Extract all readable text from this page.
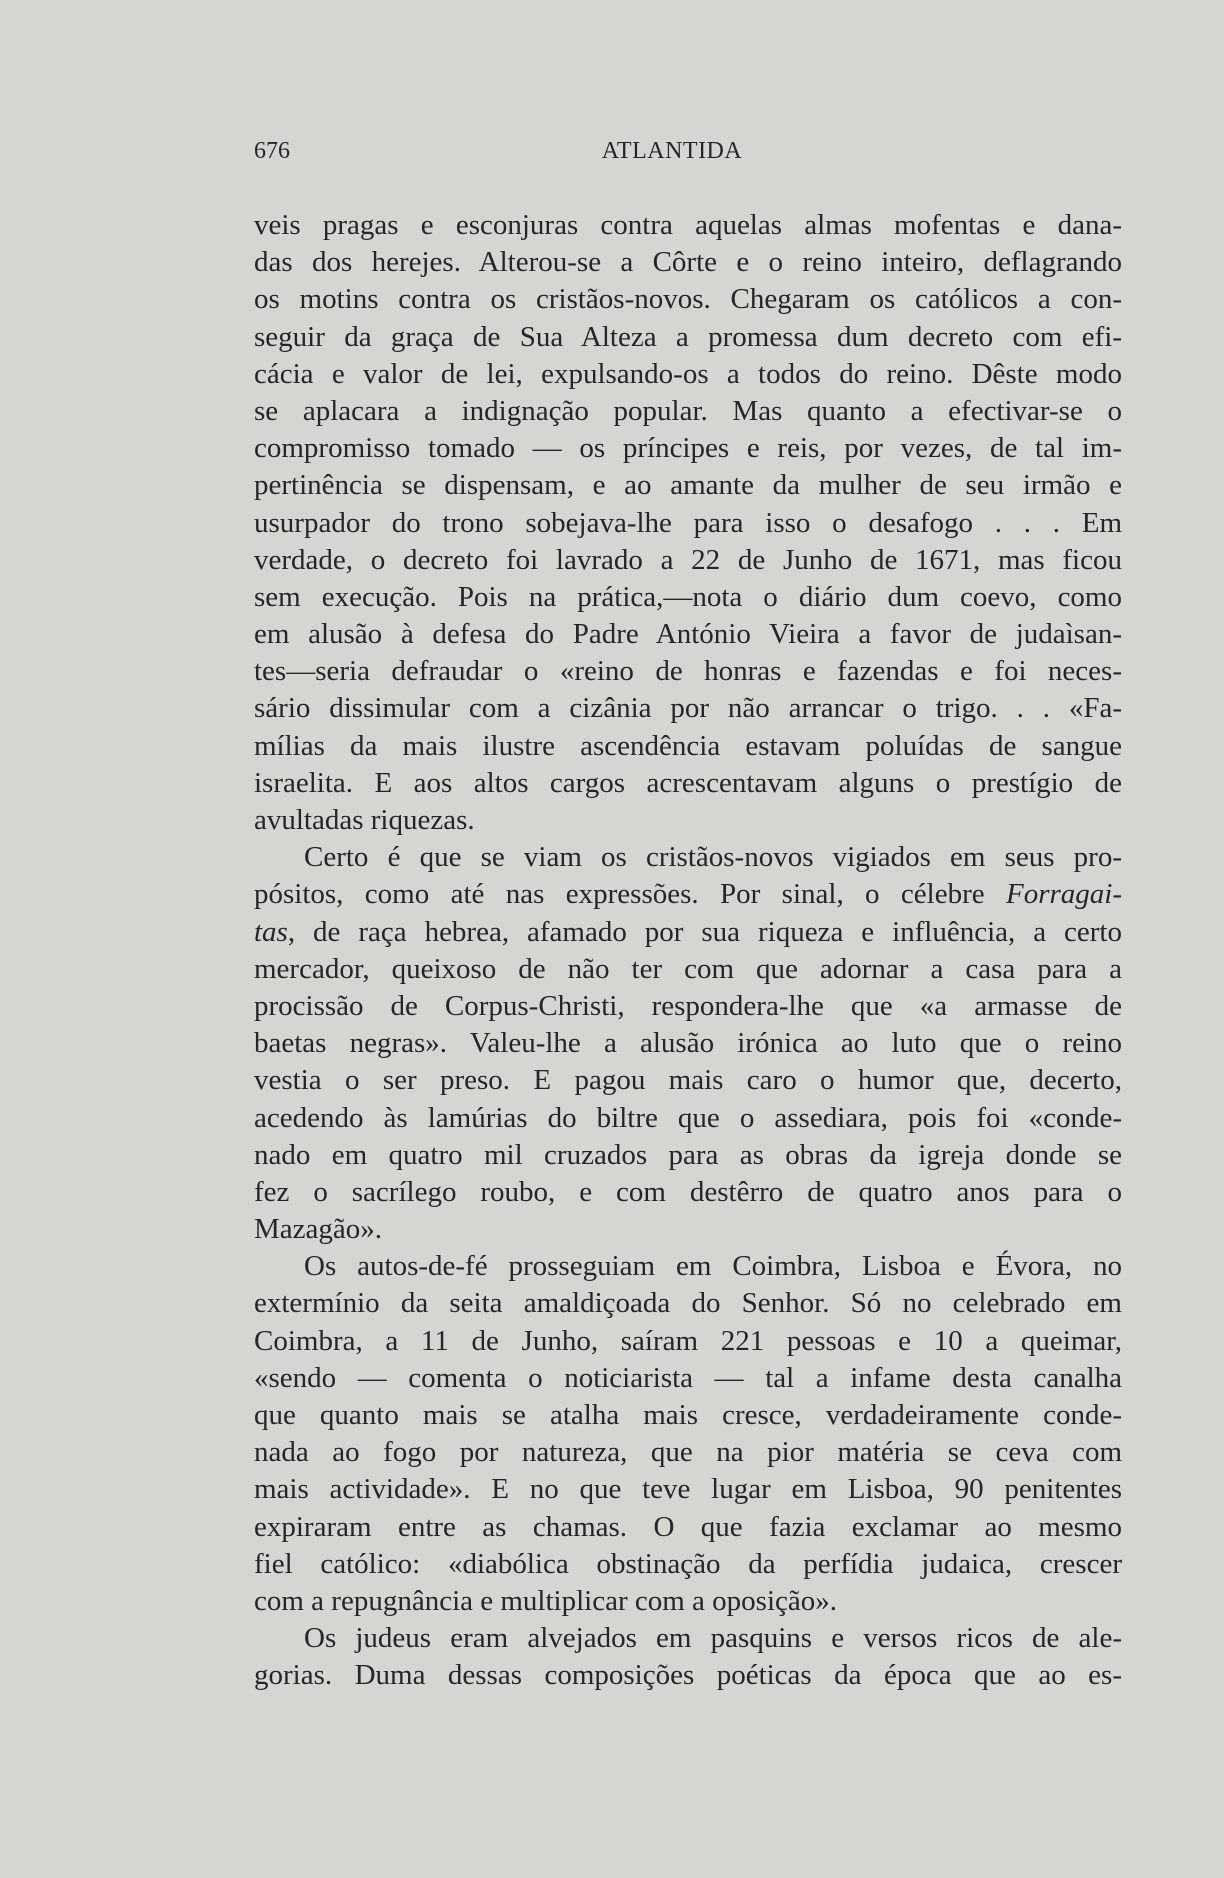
676	ATLANTIDA
veis pragas e esconjuras contra aquelas almas mofentas e dana-
das dos herejes. Alterou-se a Côrte e o reino inteiro, deflagrando
os motins contra os cristãos-novos. Chegaram os católicos a con-
seguir da graça de Sua Alteza a promessa dum decreto com efi-
cácia e valor de lei, expulsando-os a todos do reino. Dêste modo
se aplacara a indignação popular. Mas quanto a efectivar-se o
compromisso tomado — os príncipes e reis, por vezes, de tal im-
pertinência se dispensam, e ao amante da mulher de seu irmão e
usurpador do trono sobejava-lhe para isso o desafogo . . . Em
verdade, o decreto foi lavrado a 22 de Junho de 1671, mas ficou
sem execução. Pois na prática,—nota o diário dum coevo, como
em alusão à defesa do Padre António Vieira a favor de judaìsan-
tes—seria defraudar o «reino de honras e fazendas e foi neces-
sário dissimular com a cizânia por não arrancar o trigo. . . «Fa-
mílias da mais ilustre ascendência estavam poluídas de sangue
israelita. E aos altos cargos acrescentavam alguns o prestígio de
avultadas riquezas.
Certo é que se viam os cristãos-novos vigiados em seus pro-
pósitos, como até nas expressões. Por sinal, o célebre Forragai-
tas, de raça hebrea, afamado por sua riqueza e influência, a certo
mercador, queixoso de não ter com que adornar a casa para a
procissão de Corpus-Christi, respondera-lhe que «a armasse de
baetas negras». Valeu-lhe a alusão irónica ao luto que o reino
vestia o ser preso. E pagou mais caro o humor que, decerto,
acedendo às lamúrias do biltre que o assediara, pois foi «conde-
nado em quatro mil cruzados para as obras da igreja donde se
fez o sacrílego roubo, e com destêrro de quatro anos para o
Mazagão».
Os autos-de-fé prosseguiam em Coimbra, Lisboa e Évora, no
extermínio da seita amaldiçoada do Senhor. Só no celebrado em
Coimbra, a 11 de Junho, saíram 221 pessoas e 10 a queimar,
«sendo — comenta o noticiarista — tal a infame desta canalha
que quanto mais se atalha mais cresce, verdadeiramente conde-
nada ao fogo por natureza, que na pior matéria se ceva com
mais actividade». E no que teve lugar em Lisboa, 90 penitentes
expiraram entre as chamas. O que fazia exclamar ao mesmo
fiel católico: «diabólica obstinação da perfídia judaica, crescer
com a repugnância e multiplicar com a oposição».
Os judeus eram alvejados em pasquins e versos ricos de ale-
gorias. Duma dessas composições poéticas da época que ao es-
